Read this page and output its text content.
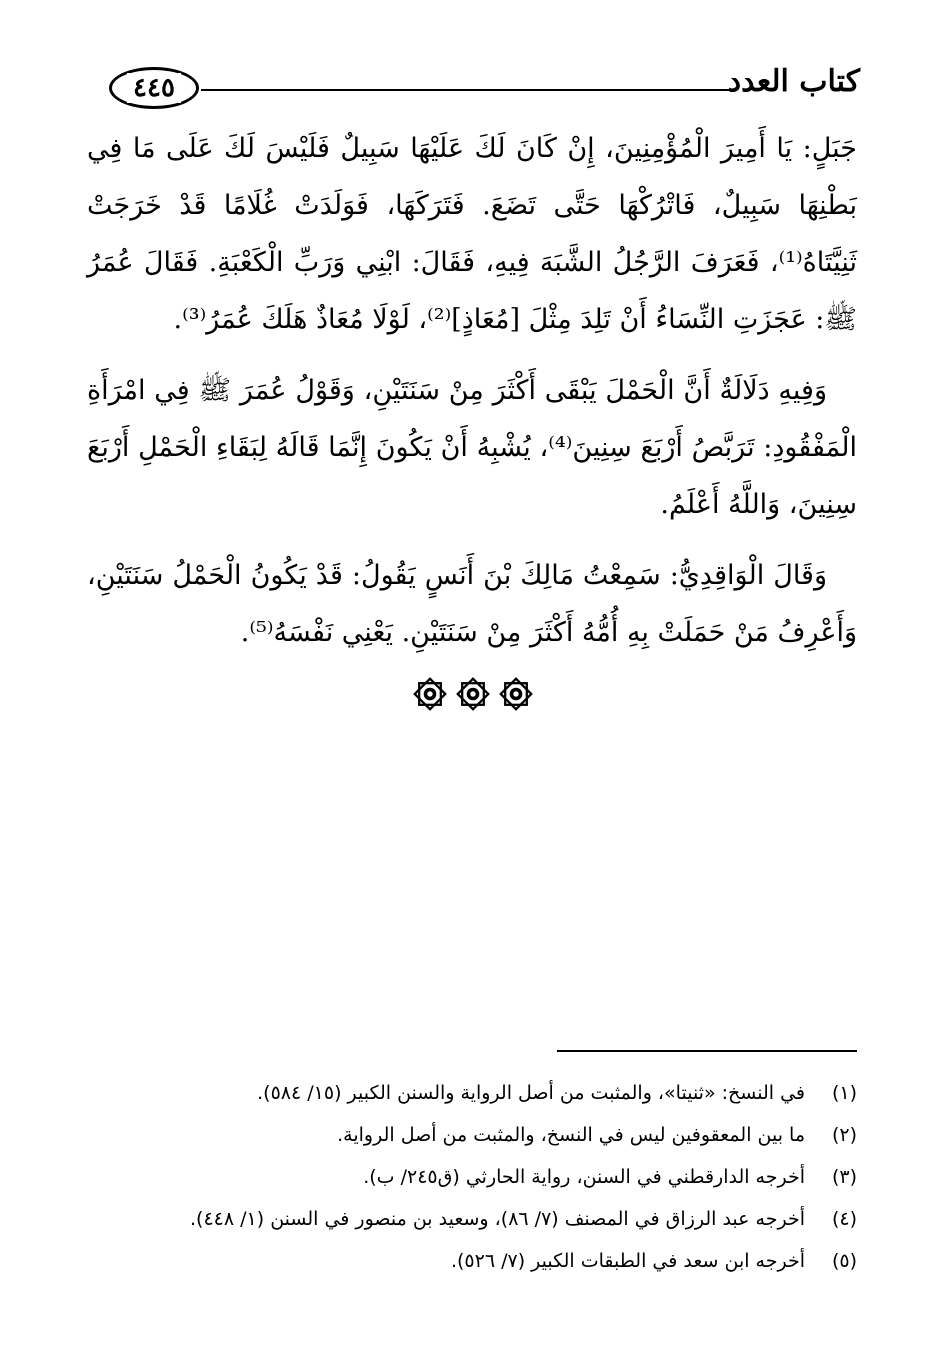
كتاب العدد
٤٤٥

جَبَلٍ: يَا أَمِيرَ الْمُؤْمِنِينَ، إِنْ كَانَ لَكَ عَلَيْهَا سَبِيلٌ فَلَيْسَ لَكَ عَلَى مَا فِي بَطْنِهَا سَبِيلٌ، فَاتْرُكْهَا حَتَّى تَضَعَ. فَتَرَكَهَا، فَوَلَدَتْ غُلَامًا قَدْ خَرَجَتْ ثَنِيَّتَاهُ⁽¹⁾، فَعَرَفَ الرَّجُلُ الشَّبَهَ فِيهِ، فَقَالَ: ابْنِي وَرَبِّ الْكَعْبَةِ. فَقَالَ عُمَرُ ﷺ: عَجَزَتِ النِّسَاءُ أَنْ تَلِدَ مِثْلَ [مُعَاذٍ]⁽²⁾، لَوْلَا مُعَاذٌ هَلَكَ عُمَرُ⁽³⁾.

وَفِيهِ دَلَالَةٌ أَنَّ الْحَمْلَ يَبْقَى أَكْثَرَ مِنْ سَنَتَيْنِ، وَقَوْلُ عُمَرَ ﷺ فِي امْرَأَةِ الْمَفْقُودِ: تَرَبَّصُ أَرْبَعَ سِنِينَ⁽⁴⁾، يُشْبِهُ أَنْ يَكُونَ إِنَّمَا قَالَهُ لِبَقَاءِ الْحَمْلِ أَرْبَعَ سِنِينَ، وَاللَّهُ أَعْلَمُ.

وَقَالَ الْوَاقِدِيُّ: سَمِعْتُ مَالِكَ بْنَ أَنَسٍ يَقُولُ: قَدْ يَكُونُ الْحَمْلُ سَنَتَيْنِ، وَأَعْرِفُ مَنْ حَمَلَتْ بِهِ أُمُّهُ أَكْثَرَ مِنْ سَنَتَيْنِ. يَعْنِي نَفْسَهُ⁽⁵⁾.

(١)
في النسخ: «ثنيتا»، والمثبت من أصل الرواية والسنن الكبير (١٥/ ٥٨٤).
(٢)
ما بين المعقوفين ليس في النسخ، والمثبت من أصل الرواية.
(٣)
أخرجه الدارقطني في السنن، رواية الحارثي (ق٢٤٥/ ب).
(٤)
أخرجه عبد الرزاق في المصنف (٧/ ٨٦)، وسعيد بن منصور في السنن (١/ ٤٤٨).
(٥)
أخرجه ابن سعد في الطبقات الكبير (٧/ ٥٢٦).
